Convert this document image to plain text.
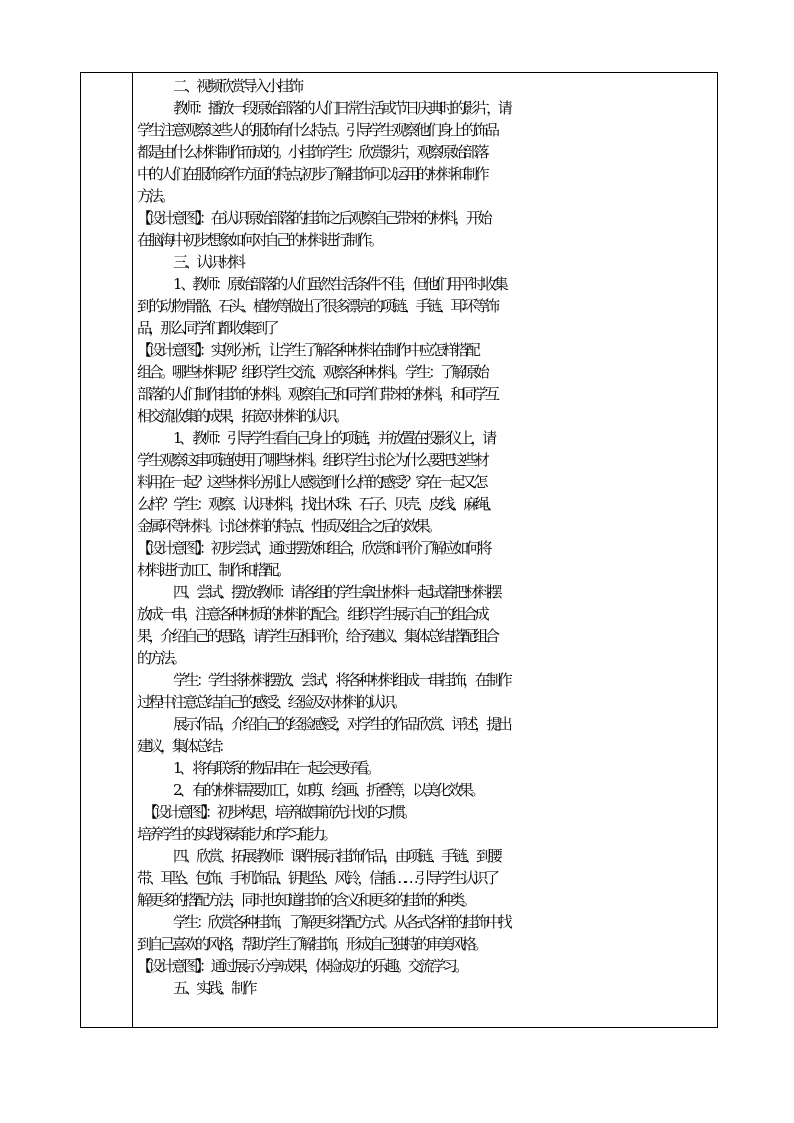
二、视频欣赏导入小挂饰
教师：播放一段原始部落的人们日常生活或节日庆典时的影片，请
学生注意观察这些人的服饰有什么特点。引导学生观察他们身上的饰品
都是由什么材料制作而成的。小挂饰 学生：欣赏影片，观察原始部落
中的人们在服饰穿作方面的特点,初步了解挂饰可以运用的材料和制作
方法。
【设计意图】：在认识原始部落的挂饰之后观察自己带来的材料，开始
在脑海中初步想象如何对自己的材料进行制作。
三、认识材料
1 、教师：原始部落的人们虽然生活条件不佳，但他们用平时收集
到的动物骨骼、石头、植物等做出了很多漂亮的项链、手链、耳环等饰
品，那么同学们都收集到了
【设计意图】：实例分析，让学生了解各种材料在制作中应怎样搭配
组合。哪些材料呢？组织学生交流、观察各种材料。 学生：了解原始
部落的人们制作挂饰的材料。观察自己和同学们带来的材料，和同学互
相交流收集的成果，拓宽对材料的认识。
1、 教师：引导学生看自己身上的项链，并放置在投影仪上，请
学生观察这串项链使用了哪些材料。组织学生讨论 为什么要把这些材
料用在一起？这些材料分别让人感觉到什么样的感受？穿在一起又怎
么样？ 学生：观察、认识材料，找出木珠、石子、贝壳、皮线、麻绳、
金属环等材料。讨论材料的特点、性质及组合之后的效果。
【设计意图】：初步尝试，通过摆放和组合，欣赏和评价了解应如何将
材料进行加工、制作和搭配。
四、尝试、摆放 教师：请各组的学生拿出材料一起试着把材料摆
放成一串，注意各种材质的材料的配合。 组织学生展示自己的组合成
果，介绍自己的思路，请学生互相评价，给予建议、集体总结搭配组合
的方法。
学生：学生将材料摆放、尝试，将各种材料组成一串挂饰，在制作
过程中注意总结自己的感受、经验及对材料的认识。
展示作品，介绍自己的经验感受，对学生的作品欣赏、评述，提出
建议，集体总结：
1、 将有联系的物品串在一起会更好看。
2、 有的材料需要加工，如剪、绘画、折叠等，以美化效果。
【设计意图】：初步构思，培养做事前先计划的习惯。
培养学生的实践探索能力和学习能力。
四、欣赏、拓展 教师：课件展示挂饰作品，由项链、手链、到腰
带、耳坠、包饰、手机饰品、钥匙坠、风铃，信插……引导学生认识了
解更多的搭配方法，同时也知道挂饰的含义和更多的挂饰的种类。
学生：欣赏各种挂饰，了解更多搭配方式。从各式各样的挂饰中找
到自己喜欢的风格，帮助学生了解挂饰，形成自己独特的审美风格。
【设计意图】：通过展示分享成果，体验成功的乐趣。交流学习。
五、实践、制作
